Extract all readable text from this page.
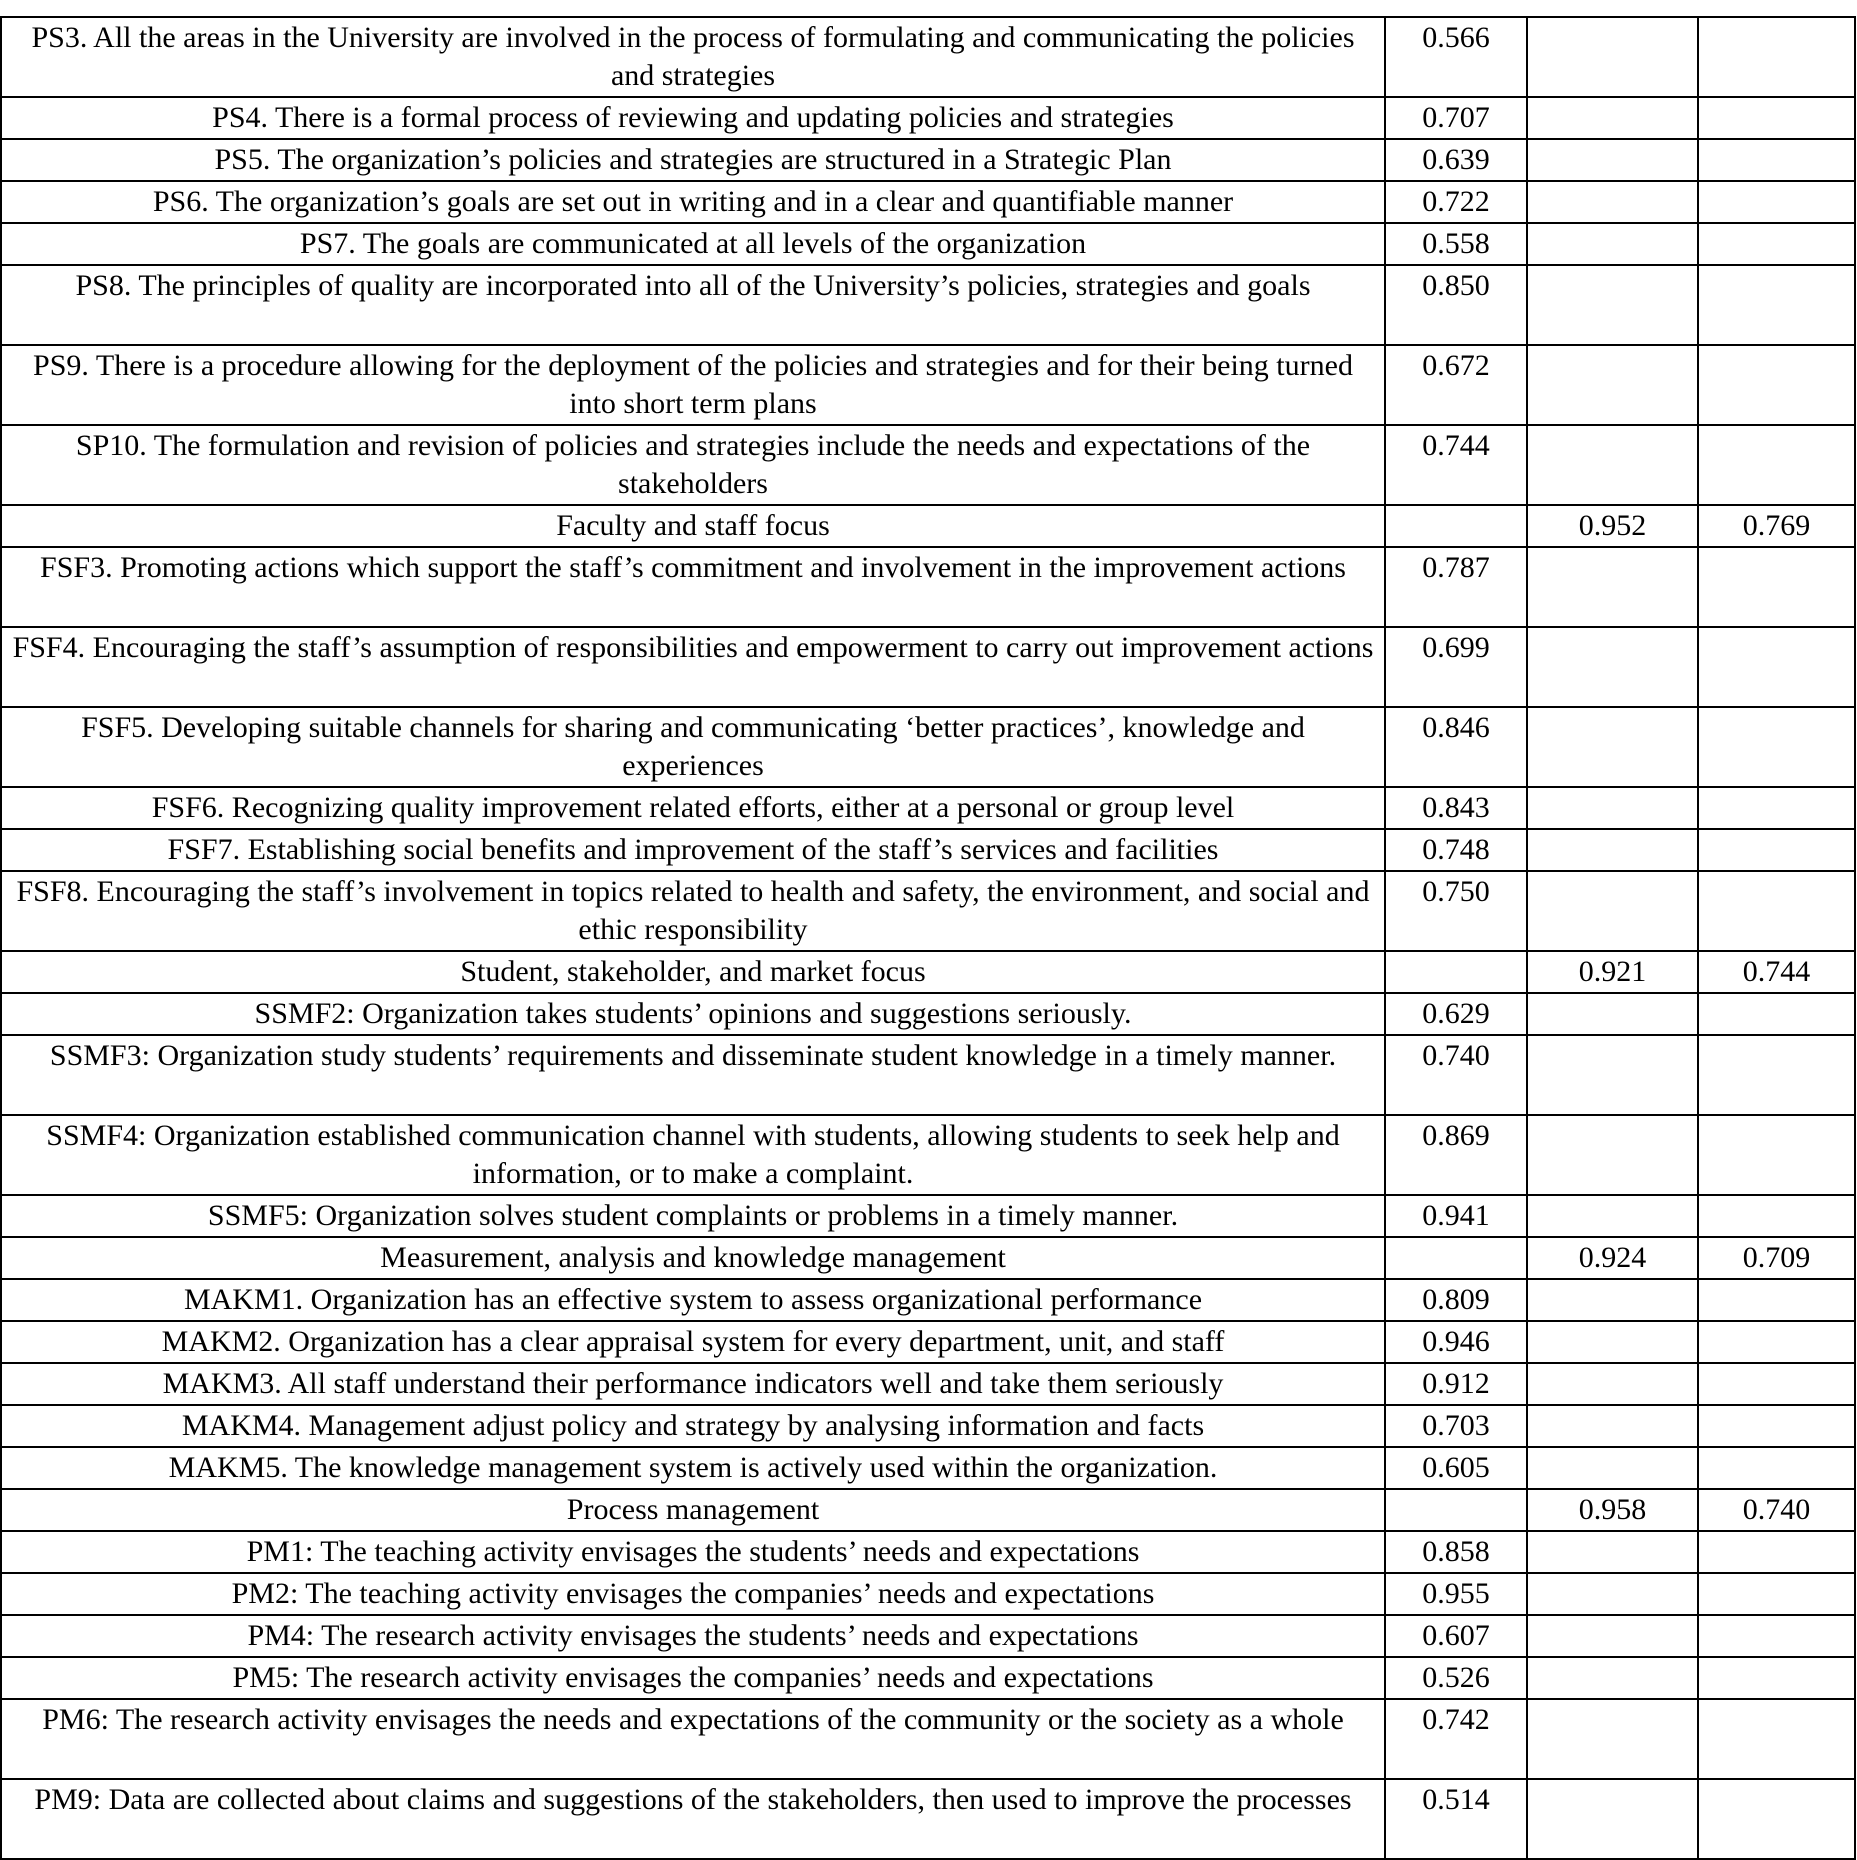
PS3. All the areas in the University are involved in the process of formulating and communicating the policies and strategies	0.566		
PS4. There is a formal process of reviewing and updating policies and strategies	0.707		
PS5. The organization’s policies and strategies are structured in a Strategic Plan	0.639		
PS6. The organization’s goals are set out in writing and in a clear and quantifiable manner	0.722		
PS7. The goals are communicated at all levels of the organization	0.558		
PS8. The principles of quality are incorporated into all of the University’s policies, strategies and goals	0.850		
PS9. There is a procedure allowing for the deployment of the policies and strategies and for their being turned into short term plans	0.672		
SP10. The formulation and revision of policies and strategies include the needs and expectations of the stakeholders	0.744		
Faculty and staff focus		0.952	0.769
FSF3. Promoting actions which support the staff’s commitment and involvement in the improvement actions	0.787		
FSF4. Encouraging the staff’s assumption of responsibilities and empowerment to carry out improvement actions	0.699		
FSF5. Developing suitable channels for sharing and communicating ‘better practices’, knowledge and experiences	0.846		
FSF6. Recognizing quality improvement related efforts, either at a personal or group level	0.843		
FSF7. Establishing social benefits and improvement of the staff’s services and facilities	0.748		
FSF8. Encouraging the staff’s involvement in topics related to health and safety, the environment, and social and ethic responsibility	0.750		
Student, stakeholder, and market focus		0.921	0.744
SSMF2: Organization takes students’ opinions and suggestions seriously.	0.629		
SSMF3: Organization study students’ requirements and disseminate student knowledge in a timely manner.	0.740		
SSMF4: Organization established communication channel with students, allowing students to seek help and information, or to make a complaint.	0.869		
SSMF5: Organization solves student complaints or problems in a timely manner.	0.941		
Measurement, analysis and knowledge management		0.924	0.709
MAKM1. Organization has an effective system to assess organizational performance	0.809		
MAKM2. Organization has a clear appraisal system for every department, unit, and staff	0.946		
MAKM3. All staff understand their performance indicators well and take them seriously	0.912		
MAKM4. Management adjust policy and strategy by analysing information and facts	0.703		
MAKM5. The knowledge management system is actively used within the organization.	0.605		
Process management		0.958	0.740
PM1: The teaching activity envisages the students’ needs and expectations	0.858		
PM2: The teaching activity envisages the companies’ needs and expectations	0.955		
PM4: The research activity envisages the students’ needs and expectations	0.607		
PM5: The research activity envisages the companies’ needs and expectations	0.526		
PM6: The research activity envisages the needs and expectations of the community or the society as a whole	0.742		
PM9: Data are collected about claims and suggestions of the stakeholders, then used to improve the processes	0.514		
